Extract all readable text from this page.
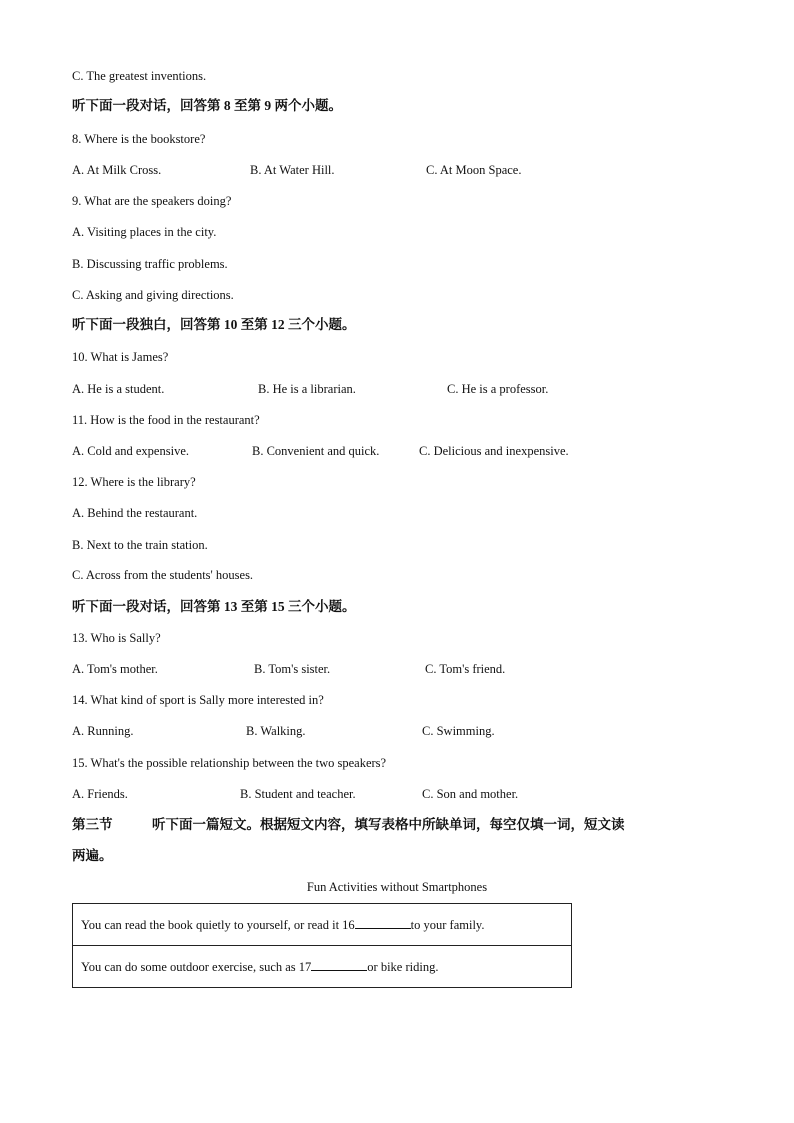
C. The greatest inventions.
听下面一段对话，回答第 8 至第 9 两个小题。
8. Where is the bookstore?
A. At Milk Cross.	B. At Water Hill.	C. At Moon Space.
9. What are the speakers doing?
A. Visiting places in the city.
B. Discussing traffic problems.
C. Asking and giving directions.
听下面一段独白，回答第 10 至第 12 三个小题。
10. What is James?
A. He is a student.	B. He is a librarian.	C. He is a professor.
11. How is the food in the restaurant?
A. Cold and expensive.	B. Convenient and quick.	C. Delicious and inexpensive.
12. Where is the library?
A. Behind the restaurant.
B. Next to the train station.
C. Across from the students' houses.
听下面一段对话，回答第 13 至第 15 三个小题。
13. Who is Sally?
A. Tom's mother.	B. Tom's sister.	C. Tom's friend.
14. What kind of sport is Sally more interested in?
A. Running.	B. Walking.	C. Swimming.
15. What's the possible relationship between the two speakers?
A. Friends.	B. Student and teacher.	C. Son and mother.
第三节	听下面一篇短文。根据短文内容，填写表格中所缺单词，每空仅填一词，短文读
两遍。
Fun Activities without Smartphones
You can read the book quietly to yourself, or read it 16	to your family.
You can do some outdoor exercise, such as 17	or bike riding.
